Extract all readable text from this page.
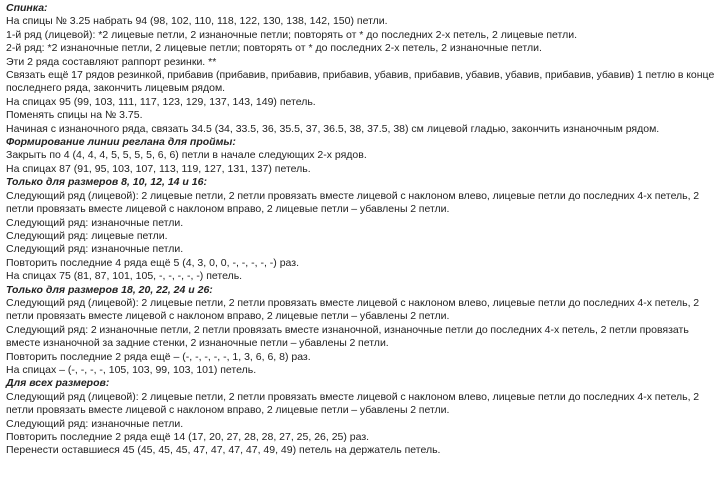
Спинка:

На спицы № 3.25 набрать 94 (98, 102, 110, 118, 122, 130, 138, 142, 150) петли.

1-й ряд (лицевой): *2 лицевые петли, 2 изнаночные петли; повторять от * до последних 2-х петель, 2 лицевые петли.

2-й ряд: *2 изнаночные петли, 2 лицевые петли; повторять от * до последних 2-х петель, 2 изнаночные петли.

Эти 2 ряда составляют раппорт резинки. **

Связать ещё 17 рядов резинкой, прибавив (прибавив, прибавив, прибавив, убавив, прибавив, убавив, убавив, прибавив, убавив) 1 петлю в конце последнего ряда, закончить лицевым рядом.

На спицах 95 (99, 103, 111, 117, 123, 129, 137, 143, 149) петель.

Поменять спицы на № 3.75.

Начиная с изнаночного ряда, связать 34.5 (34, 33.5, 36, 35.5, 37, 36.5, 38, 37.5, 38) см лицевой гладью, закончить изнаночным рядом.

Формирование линии реглана для проймы:

Закрыть по 4 (4, 4, 4, 5, 5, 5, 5, 6, 6) петли в начале следующих 2-х рядов.

На спицах 87 (91, 95, 103, 107, 113, 119, 127, 131, 137) петель.

Только для размеров 8, 10, 12, 14 и 16:

Следующий ряд (лицевой): 2 лицевые петли, 2 петли провязать вместе лицевой с наклоном влево, лицевые петли до последних 4-х петель, 2 петли провязать вместе лицевой с наклоном вправо, 2 лицевые петли – убавлены 2 петли.

Следующий ряд: изнаночные петли.

Следующий ряд: лицевые петли.

Следующий ряд: изнаночные петли.

Повторить последние 4 ряда ещё 5 (4, 3, 0, 0, -, -, -, -, -) раз.

На спицах 75 (81, 87, 101, 105, -, -, -, -, -) петель.

Только для размеров 18, 20, 22, 24 и 26:

Следующий ряд (лицевой): 2 лицевые петли, 2 петли провязать вместе лицевой с наклоном влево, лицевые петли до последних 4-х петель, 2 петли провязать вместе лицевой с наклоном вправо, 2 лицевые петли – убавлены 2 петли.

Следующий ряд: 2 изнаночные петли, 2 петли провязать вместе изнаночной, изнаночные петли до последних 4-х петель, 2 петли провязать вместе изнаночной за задние стенки, 2 изнаночные петли – убавлены 2 петли.

Повторить последние 2 ряда ещё – (-, -, -, -, -, 1, 3, 6, 6, 8) раз.

На спицах – (-, -, -, -, 105, 103, 99, 103, 101) петель.

Для всех размеров:

Следующий ряд (лицевой): 2 лицевые петли, 2 петли провязать вместе лицевой с наклоном влево, лицевые петли до последних 4-х петель, 2 петли провязать вместе лицевой с наклоном вправо, 2 лицевые петли – убавлены 2 петли.

Следующий ряд: изнаночные петли.

Повторить последние 2 ряда ещё 14 (17, 20, 27, 28, 28, 27, 25, 26, 25) раз.

Перенести оставшиеся 45 (45, 45, 45, 47, 47, 47, 47, 49, 49) петель на держатель петель.
